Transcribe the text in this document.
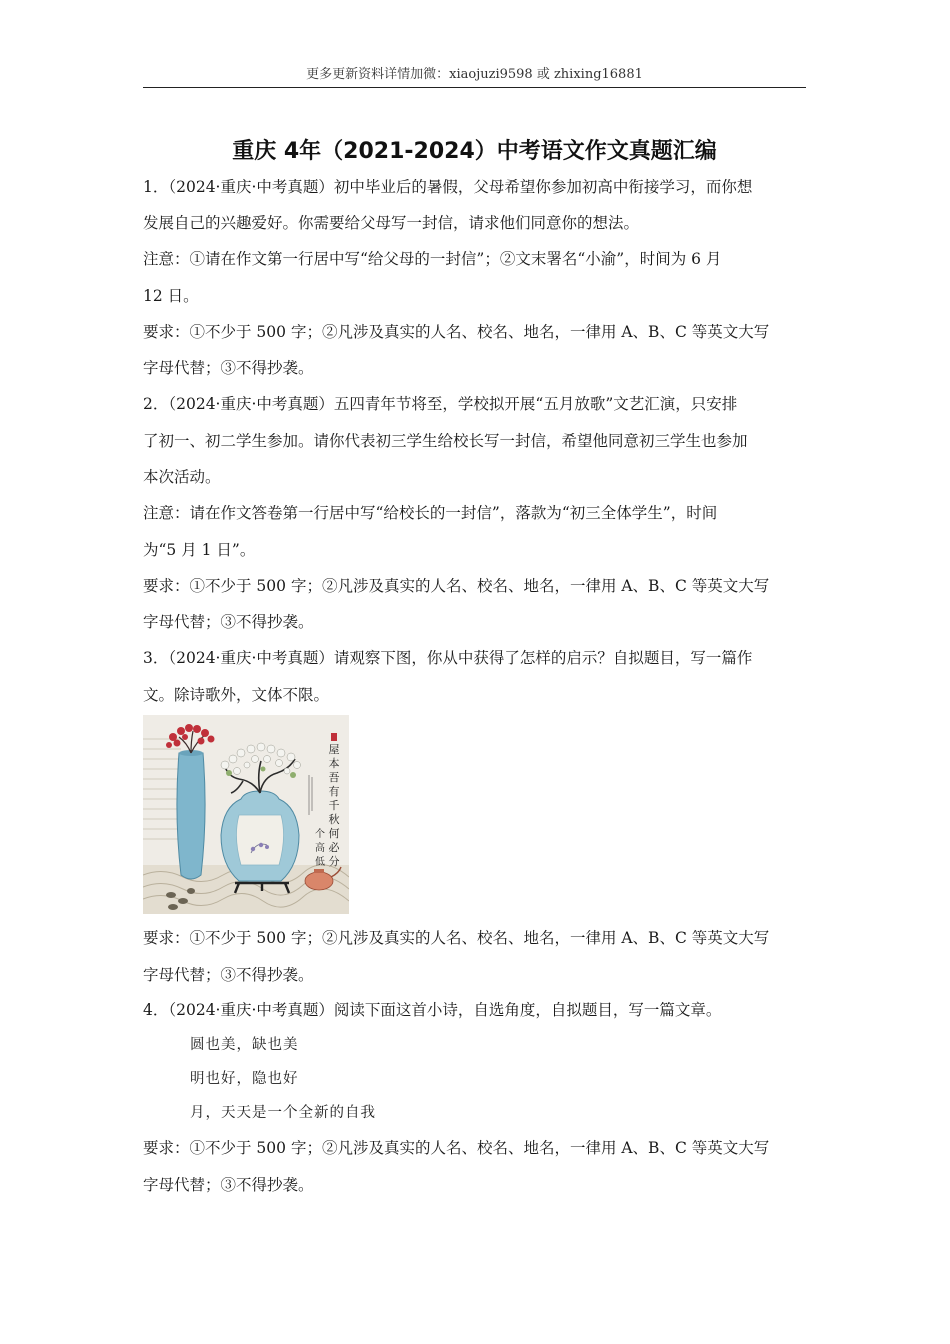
更多更新资料详情加微：xiaojuzi9598 或 zhixing16881
重庆 4年（2021-2024）中考语文作文真题汇编
1．（2024·重庆·中考真题）初中毕业后的暑假，父母希望你参加初高中衔接学习，而你想
发展自己的兴趣爱好。你需要给父母写一封信，请求他们同意你的想法。
注意：①请在作文第一行居中写“给父母的一封信”；②文末署名“小渝”，时间为 6 月
12 日。
要求：①不少于 500 字；②凡涉及真实的人名、校名、地名，一律用 A、B、C 等英文大写
字母代替；③不得抄袭。
2．（2024·重庆·中考真题）五四青年节将至，学校拟开展“五月放歌”文艺汇演，只安排
了初一、初二学生参加。请你代表初三学生给校长写一封信，希望他同意初三学生也参加
本次活动。
注意：请在作文答卷第一行居中写“给校长的一封信”，落款为“初三全体学生”，时间
为“5 月 1 日”。
要求：①不少于 500 字；②凡涉及真实的人名、校名、地名，一律用 A、B、C 等英文大写
字母代替；③不得抄袭。
3．（2024·重庆·中考真题）请观察下图，你从中获得了怎样的启示？自拟题目，写一篇作
文。除诗歌外，文体不限。
屋
本
吾
有
千
秋
何
必
分
个
高
低
要求：①不少于 500 字；②凡涉及真实的人名、校名、地名，一律用 A、B、C 等英文大写
字母代替；③不得抄袭。
4．（2024·重庆·中考真题）阅读下面这首小诗，自选角度，自拟题目，写一篇文章。
圆也美，缺也美
明也好，隐也好
月，天天是一个全新的自我
要求：①不少于 500 字；②凡涉及真实的人名、校名、地名，一律用 A、B、C 等英文大写
字母代替；③不得抄袭。
